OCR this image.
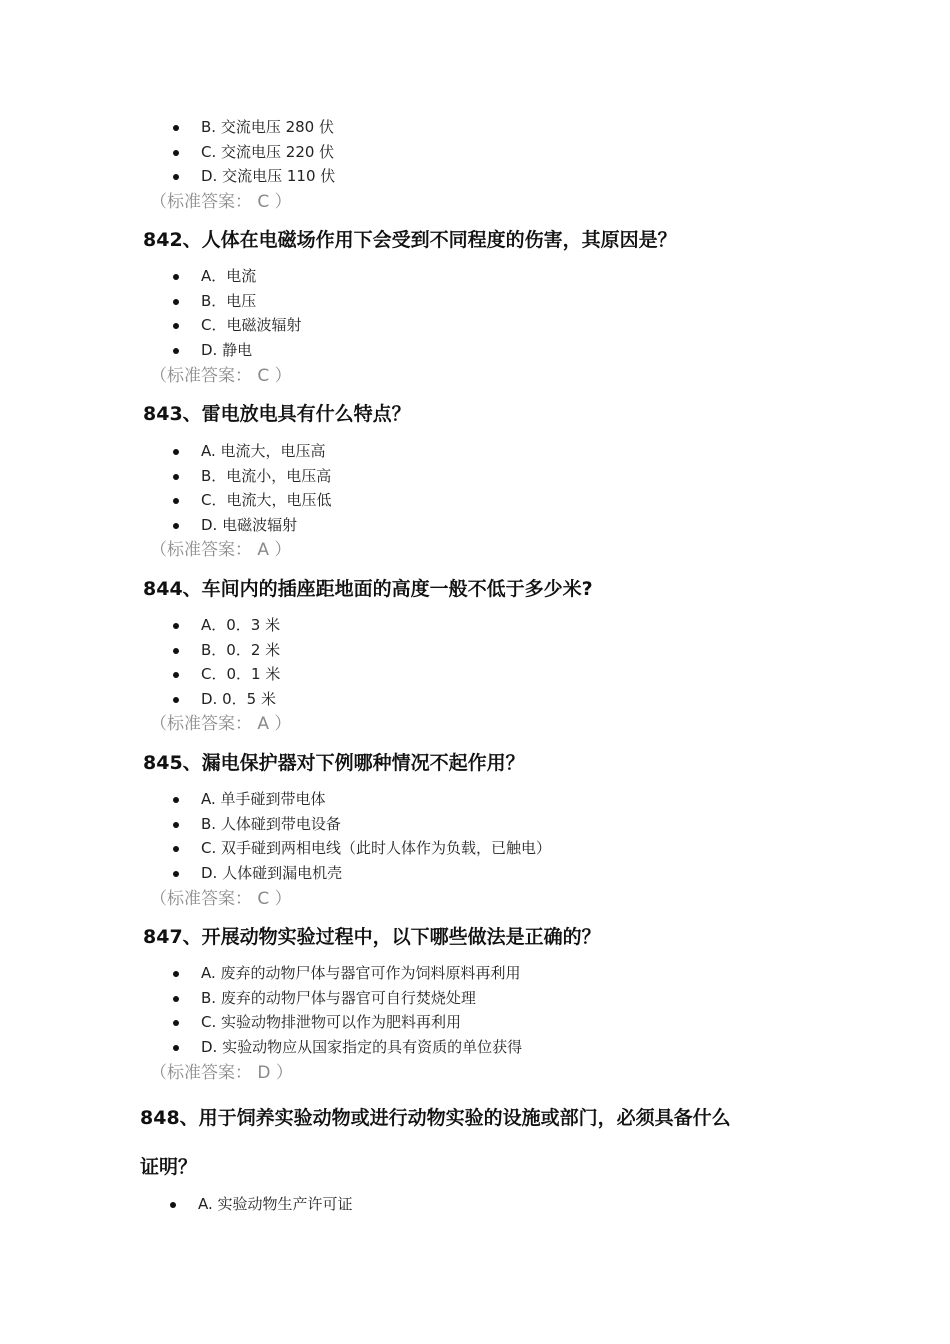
B. 交流电压 280 伏
C. 交流电压 220 伏
D. 交流电压 110 伏
（标准答案： C ）
842、人体在电磁场作用下会受到不同程度的伤害，其原因是？
A．电流
B．电压
C．电磁波辐射
D. 静电
（标准答案： C ）
843、雷电放电具有什么特点？
A. 电流大，电压高
B．电流小，电压高
C．电流大，电压低
D. 电磁波辐射
（标准答案： A ）
844、车间内的插座距地面的高度一般不低于多少米?
A．0．3 米
B．0．2 米
C．0．1 米
D. 0．5 米
（标准答案： A ）
845、漏电保护器对下例哪种情况不起作用？
A. 单手碰到带电体
B. 人体碰到带电设备
C. 双手碰到两相电线（此时人体作为负载，已触电）
D. 人体碰到漏电机壳
（标准答案： C ）
847、开展动物实验过程中，以下哪些做法是正确的？
A. 废弃的动物尸体与器官可作为饲料原料再利用
B. 废弃的动物尸体与器官可自行焚烧处理
C. 实验动物排泄物可以作为肥料再利用
D. 实验动物应从国家指定的具有资质的单位获得
（标准答案： D ）
848、用于饲养实验动物或进行动物实验的设施或部门，必须具备什么
证明？
A. 实验动物生产许可证
